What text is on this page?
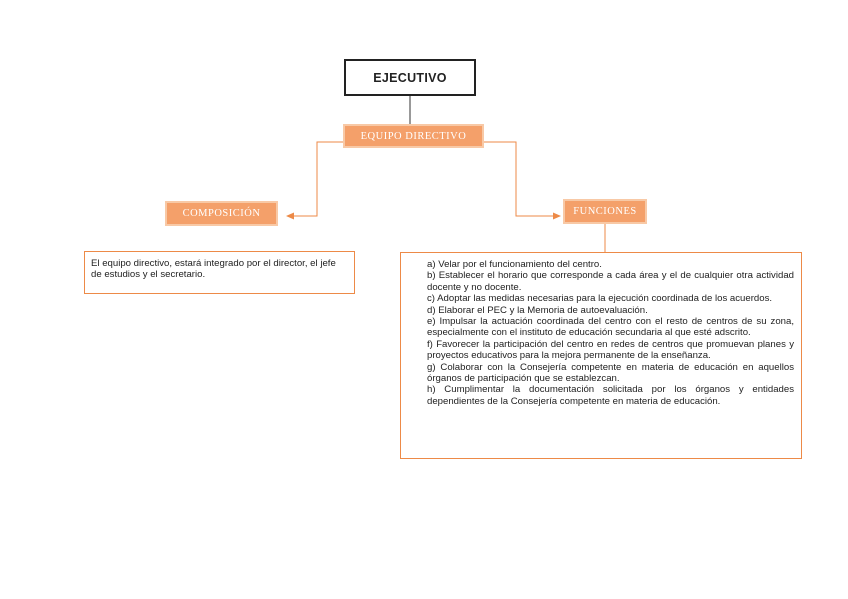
EJECUTIVO
EQUIPO DIRECTIVO
COMPOSICIÓN	FUNCIONES
El equipo directivo, estará integrado por el director, el jefe de estudios y el secretario.

a) Velar por el funcionamiento del centro.

b) Establecer el horario que corresponde a cada área y el de cualquier otra actividad docente y no docente.

c) Adoptar las medidas necesarias para la ejecución coordinada de los acuerdos.

d) Elaborar el PEC y la Memoria de autoevaluación.

e) Impulsar la actuación coordinada del centro con el resto de centros de su zona, especialmente con el instituto de educación secundaria al que esté adscrito.

f) Favorecer la participación del centro en redes de centros que promuevan planes y proyectos educativos para la mejora permanente de la enseñanza.

g) Colaborar con la Consejería competente en materia de educación en aquellos órganos de participación que se establezcan.

h) Cumplimentar la documentación solicitada por los órganos y entidades dependientes de la Consejería competente en materia de educación.
